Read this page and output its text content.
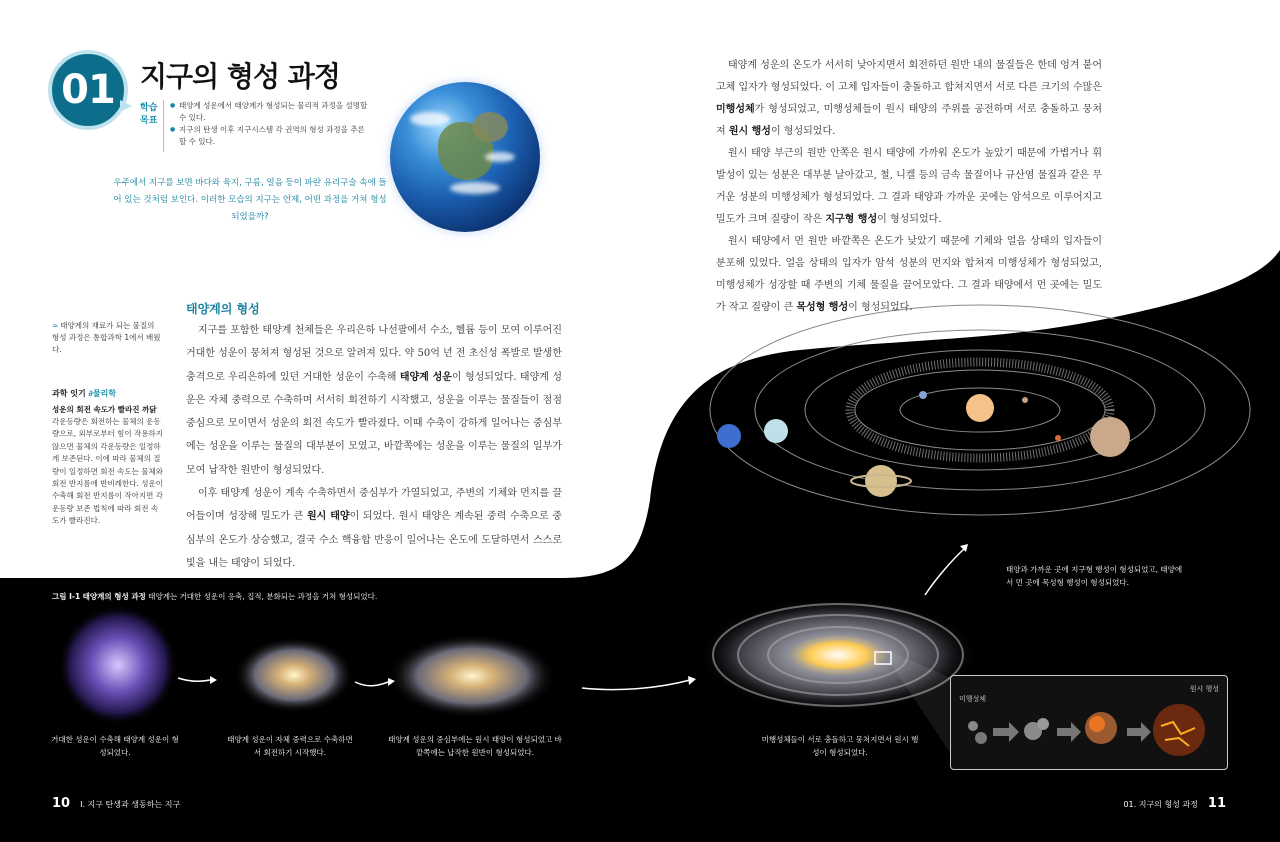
01 지구의 형성 과정
학습 목표
● 태양계 성운에서 태양계가 형성되는 물리적 과정을 설명할 수 있다.
● 지구의 탄생 이후 지구시스템 각 권역의 형성 과정을 추론할 수 있다.
우주에서 지구를 보면 바다와 육지, 구름, 얼음 등이 파란 유리구슬 속에 들어 있는 것처럼 보인다. 이러한 모습의 지구는 언제, 어떤 과정을 거쳐 형성되었을까?
≈ 태양계의 재료가 되는 물질의 형성 과정은 통합과학 1에서 배웠다.
과학 잇기 ∂물리학
성운의 회전 속도가 빨라진 까닭
각운동량은 회전하는 물체의 운동량으로, 외부로부터 힘이 작용하지 않으면 물체의 각운동량은 일정하게 보존된다. 이에 따라 물체의 질량이 일정하면 회전 속도는 물체와 회전 반지름에 반비례한다. 성운이 수축해 회전 반지름이 작아지면 각운동량 보존 법칙에 따라 회전 속도가 빨라진다.
태양계의 형성

지구를 포함한 태양계 천체들은 우리은하 나선팔에서 수소, 헬륨 등이 모여 이루어진 거대한 성운이 뭉쳐져 형성된 것으로 알려져 있다. 약 50억 년 전 초신성 폭발로 발생한 충격으로 우리은하에 있던 거대한 성운이 수축해 태양계 성운이 형성되었다. 태양계 성운은 자체 중력으로 수축하며 서서히 회전하기 시작했고, 성운을 이루는 물질들이 점점 중심으로 모이면서 성운의 회전 속도가 빨라졌다. 이때 수축이 강하게 일어나는 중심부에는 성운을 이루는 물질의 대부분이 모였고, 바깥쪽에는 성운을 이루는 물질의 일부가 모여 납작한 원반이 형성되었다.

이후 태양계 성운이 계속 수축하면서 중심부가 가열되었고, 주변의 기체와 먼지를 끌어들이며 성장해 밀도가 큰 원시 태양이 되었다. 원시 태양은 계속된 중력 수축으로 중심부의 온도가 상승했고, 결국 수소 핵융합 반응이 일어나는 온도에 도달하면서 스스로 빛을 내는 태양이 되었다.

태양계 성운의 온도가 서서히 낮아지면서 회전하던 원반 내의 물질들은 한데 엉겨 붙어 고체 입자가 형성되었다. 이 고체 입자들이 충돌하고 합쳐지면서 서로 다른 크기의 수많은 미행성체가 형성되었고, 미행성체들이 원시 태양의 주위를 공전하며 서로 충돌하고 뭉쳐져 원시 행성이 형성되었다.

원시 태양 부근의 원반 안쪽은 원시 태양에 가까워 온도가 높았기 때문에 가볍거나 휘발성이 있는 성분은 대부분 날아갔고, 철, 니켈 등의 금속 물질이나 규산염 물질과 같은 무거운 성분의 미행성체가 형성되었다. 그 결과 태양과 가까운 곳에는 암석으로 이루어지고 밀도가 크며 질량이 작은 지구형 행성이 형성되었다.

원시 태양에서 먼 원반 바깥쪽은 온도가 낮았기 때문에 기체와 얼음 상태의 입자들이 분포해 있었다. 얼음 상태의 입자가 암석 성분의 먼지와 합쳐져 미행성체가 형성되었고, 미행성체가 성장할 때 주변의 기체 물질을 끌어모았다. 그 결과 태양에서 먼 곳에는 밀도가 작고 질량이 큰 목성형 행성이 형성되었다.

그림 Ⅰ-1 태양계의 형성 과정 태양계는 거대한 성운이 응축, 집적, 분화되는 과정을 거쳐 형성되었다.
거대한 성운이 수축해 태양계 성운이 형성되었다.
태양계 성운이 자체 중력으로 수축하면서 회전하기 시작했다.
태양계 성운의 중심부에는 원시 태양이 형성되었고 바깥쪽에는 납작한 원반이 형성되었다.
미행성체들이 서로 충돌하고 뭉쳐지면서 원시 행성이 형성되었다.
태양과 가까운 곳에 지구형 행성이 형성되었고, 태양에서 먼 곳에 목성형 행성이 형성되었다.
미행성체
원시 행성
10 Ⅰ. 지구 탄생과 생동하는 지구	01. 지구의 형성 과정 11
